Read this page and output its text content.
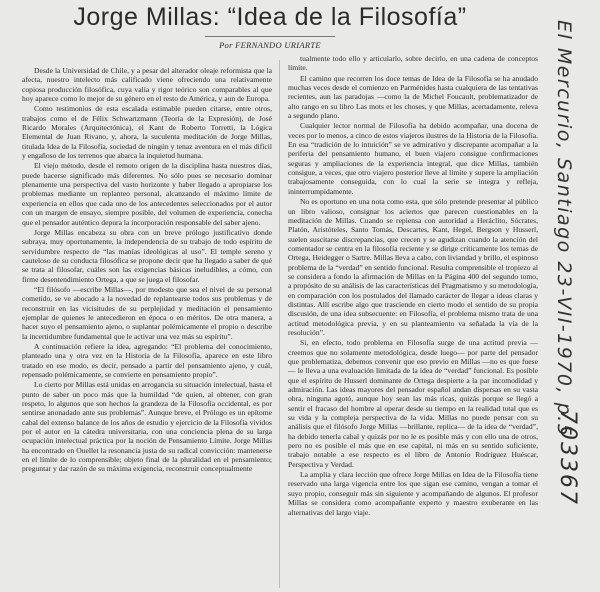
Jorge Millas: “Idea de la Filosofía”
Por FERNANDO URIARTE

Desde la Universidad de Chile, y a pesar del alterador oleaje reformista que la afecta, nuestro intelecto más calificado viene ofreciendo una relativamente copiosa producción filosófica, cuya valía y rigor teórico son comparables al que hoy aparece como lo mejor de su género en el resto de América, y aun de Europa.

Como testimonios de esta escalada estimable pueden citarse, entre otros, trabajos como el de Félix Schwartzmann (Teoría de la Expresión), de José Ricardo Morales (Arquitectónica), el Kant de Roberto Torretti, la Lógica Elemental de Juan Rivano, y, ahora, la suculenta meditación de Jorge Millas, titulada Idea de la Filosofía, sociedad de ningún y tenaz aventura en el más difícil y engañoso de los terrenos que abarca la inquietud humana.

El viejo método, desde el remoto origen de la disciplina hasta nuestros días, puede hacerse significado más diferentes. No sólo pues se necesario dominar plenamente una perspectiva del vasto horizonte y haber llegado a apropiarse los problemas mediante un replanteo personal, alcanzando el máximo límite de experiencia en ellos que cada uno de los antecedentes seleccionados por el autor con un margen de ensayo, siempre posible, del volumen de experiencia, conecha que el pensador auténtico depura la incorporación responsable del saber ajeno.

Jorge Millas encabeza su obra con un breve prólogo justificativo donde subraya, muy oportunamente, la independencia de su trabajo de todo espíritu de servidumbre respecto de “las manías ideológicas al uso”. El temple sereno y cauteloso de su conducta filosófica se propone decir que ha llegado a saber de qué se trata al filosofar, cuáles son las exigencias básicas ineludibles, a cómo, con firme desentendimiento Ortega, a que se juega el filosofar.

“El filósofo —escribe Millas—, por modesto que sea el nivel de su personal cometido, se ve abocado a la novedad de replantearse todos sus problemas y de reconstruir en las vicisitudes de su perplejidad y meditación el pensamiento ejemplar de quienes le antecedieron en época o en méritos. De otra manera, a hacer suyo el pensamiento ajeno, o suplantar polémicamente el propio o describe la incertidumbre fundamental que le activar una vez más su espíritu”.

A continuación refiere la idea, agregando: “El problema del conocimiento, planteado una y otra vez en la Historia de la Filosofía, aparece en este libro tratado en ese modo, es decir, pensado a partir del pensamiento ajeno, y cuál, repensado polémicamente, se convierte en pensamiento propio”.

Lo cierto por Millas está unidas en arrogancia su situación intelectual, hasta el punto de saber un poco más que la humildad “de quien, al obtener, con gran respeto, lo algunos que son hechos la grandeza de la Filosofía occidental, es por sentirse anonadado ante sus problemas”. Aunque breve, el Prólogo es un epítome cabal del extenso balance de los años de estudio y ejercicio de la Filosofía vividos por el autor en la cátedra universitaria, con una conciencia plena de su larga ocupación intelectual práctica por la noción de Pensamiento Límite. Jorge Millas ha encontrado en Ouellet la resonancia justa de su radical convicción: mantenerse en el límite de lo comprensible; objeto final de la pluralidad en el pensamiento; preguntar y dar razón de su máxima exigencia, reconstruir conceptualmente

tualmente todo ello y articularlo, sobre decirlo, en una cadena de conceptos límite.

El camino que recorren los doce temas de Idea de la Filosofía se ha anudado muchas veces desde el comienzo en Parménides hasta cualquiera de las tentativas recientes, aun las paradojas —como la de Michel Foucault, problematizador de alto rango en su libro Las mots et les choses, y que Millas, acertadamente, releva a segundo plano.

Cualquier lector normal de Filosofía ha debido acompañar, una docena de veces por lo menos, a cinco de estos viajeros ilustres de la Historia de la Filosofía. En esa “tradición de lo intuición” se ve admirativo y discrepante acompañar a la periferia del pensamiento humano, el buen viajero consigue confirmaciones seguras y ampliaciones de la experiencia integral, que dice Millas, también consigue, a veces, que otro viajero posterior lleve al límite y supere la ampliación trabajosamente conseguida, con lo cual la serie se integra y refleja, ininterrumpidamente.

No es oportuno en una nota como esta, que sólo pretende presentar al público un libro valioso, consignar los aciertos que parecen cuestionables en la meditación de Millas. Cuando se repiensa con autoridad a Heráclito, Sócrates, Platón, Aristóteles, Santo Tomás, Descartes, Kant, Hegel, Bergson y Husserl, suelen suscitarse discrepancias, que crecen y se agudizan cuando la atención del comentador se centra en la filosofía reciente y se dirige críticamente los temas de Ortega, Heidegger o Sartre. Millas lleva a cabo, con liviandad y brillo, el espinoso problema de la “verdad” en sentido funcional. Resulta comprensible el tropiezo al se considera a fondo la afirmación de Millas en la Página 400 del segundo tomo, a propósito de su análisis de las características del Pragmatismo y su metodología, en comparación con los postulados del llamado carácter de llegar a ideas claras y distintas. Allí escribe algo que trasciende en cierto modo el sentido de su propia discusión, de una idea subsecuente: en Filosofía, el problema mismo trata de una actitud metodológica previa, y en su planteamiento va señalada la vía de la resolución”.

Si, en efecto, todo problema en Filosofía surge de una actitud previa —creemos que no solamente metodológica, desde luego— por parte del pensador que problematiza, debemos convenir que eso previo en Millas —no es que fuese— le lleva a una evaluación limitada de la idea de “verdad” funcional. Es posible que el espíritu de Husserl dominante de Ortega despierte a la par incomodidad y admiración. Las ideas mayores del pensador español andan dispersas en su vasta obra, ninguna agotó, aunque hoy sean las más ricas, quizás porque se llegó a sentir el fracaso del hombre al operar desde su tiempo en la realidad total que es su vida y la compleja perspectiva de la vida. Millas no puede pensar con su análisis que el filósofo Jorge Millas —brillante, replica— de la idea de “verdad”, ha debido tenerla cabal y quizás por no le es posible más y con ello una de otros, pero no es posible el más que en ese capital, ni más en su sentido suficiente, trabajo notable a ese respecto es el libro de Antonio Rodríguez Huéscar, Perspectiva y Verdad.

La amplia y clara lección que ofrece Jorge Millas en Idea de la Filosofía tiene reservado una larga vigencia entre los que sigan ese camino, vengan a tomar el suyo propio, conseguir más sin siguiente y acompañando de algunos. El profesor Millas se considera como acompañante experto y maestro exuberante en las alternativas del largo viaje.

El Mercurio, Santiago 23-VII-1970, p.5
703367
